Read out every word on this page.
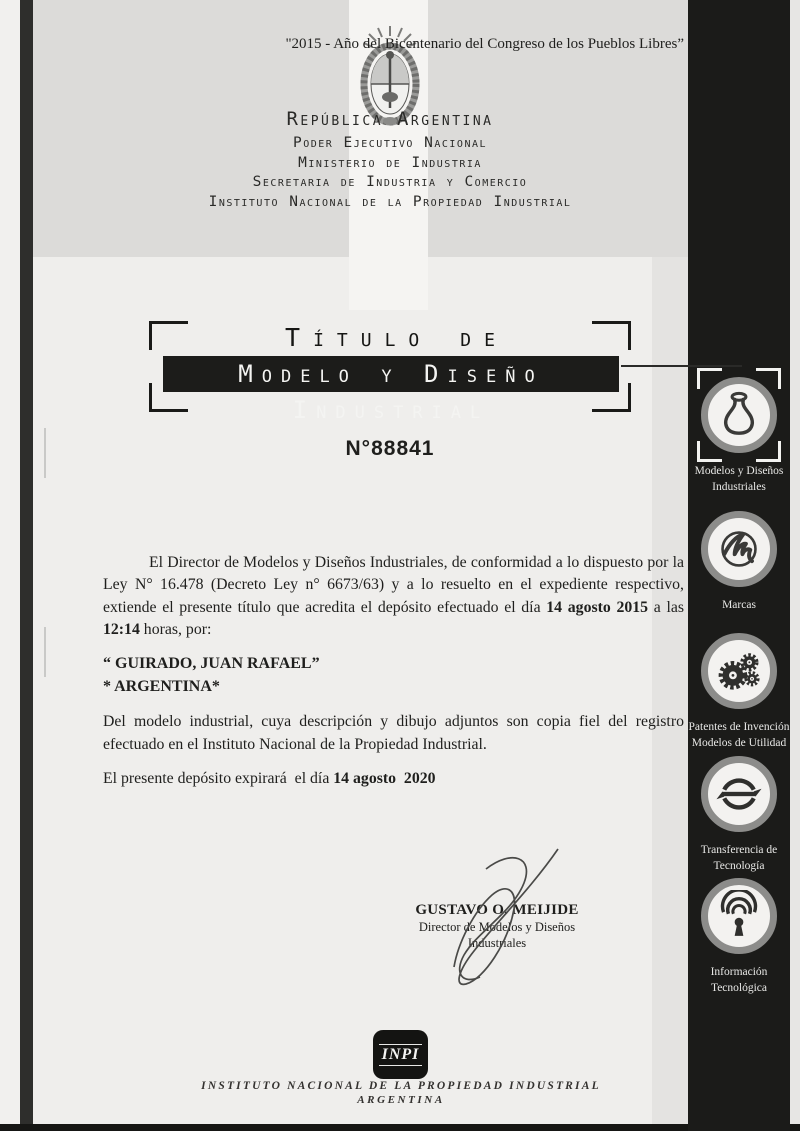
"2015 - Año del Bicentenario del Congreso de los Pueblos Libres”
República Argentina
Poder Ejecutivo Nacional
Ministerio de Industria
Secretaria de Industria y Comercio
Instituto Nacional de la Propiedad Industrial
Título de
Modelo y Diseño Industrial
N°88841
El Director de Modelos y Diseños Industriales, de conformidad a lo dispuesto por la Ley N° 16.478 (Decreto Ley n° 6673/63) y a lo resuelto en el expediente respectivo, extiende el presente título que acredita el depósito efectuado el día 14 agosto 2015 a las 12:14 horas, por:
“ GUIRADO, JUAN RAFAEL”
* ARGENTINA*
Del modelo industrial, cuya descripción y dibujo adjuntos son copia fiel del registro efectuado en el Instituto Nacional de la Propiedad Industrial.
El presente depósito expirará  el día 14 agosto  2020
GUSTAVO O. MEIJIDE
Director de Modelos y Diseños
Industriales
INPI
INSTITUTO NACIONAL DE LA PROPIEDAD INDUSTRIAL
ARGENTINA
Modelos y Diseños
Industriales
Marcas
Patentes de Invención
Modelos de Utilidad
Transferencia de
Tecnología
Información
Tecnológica
